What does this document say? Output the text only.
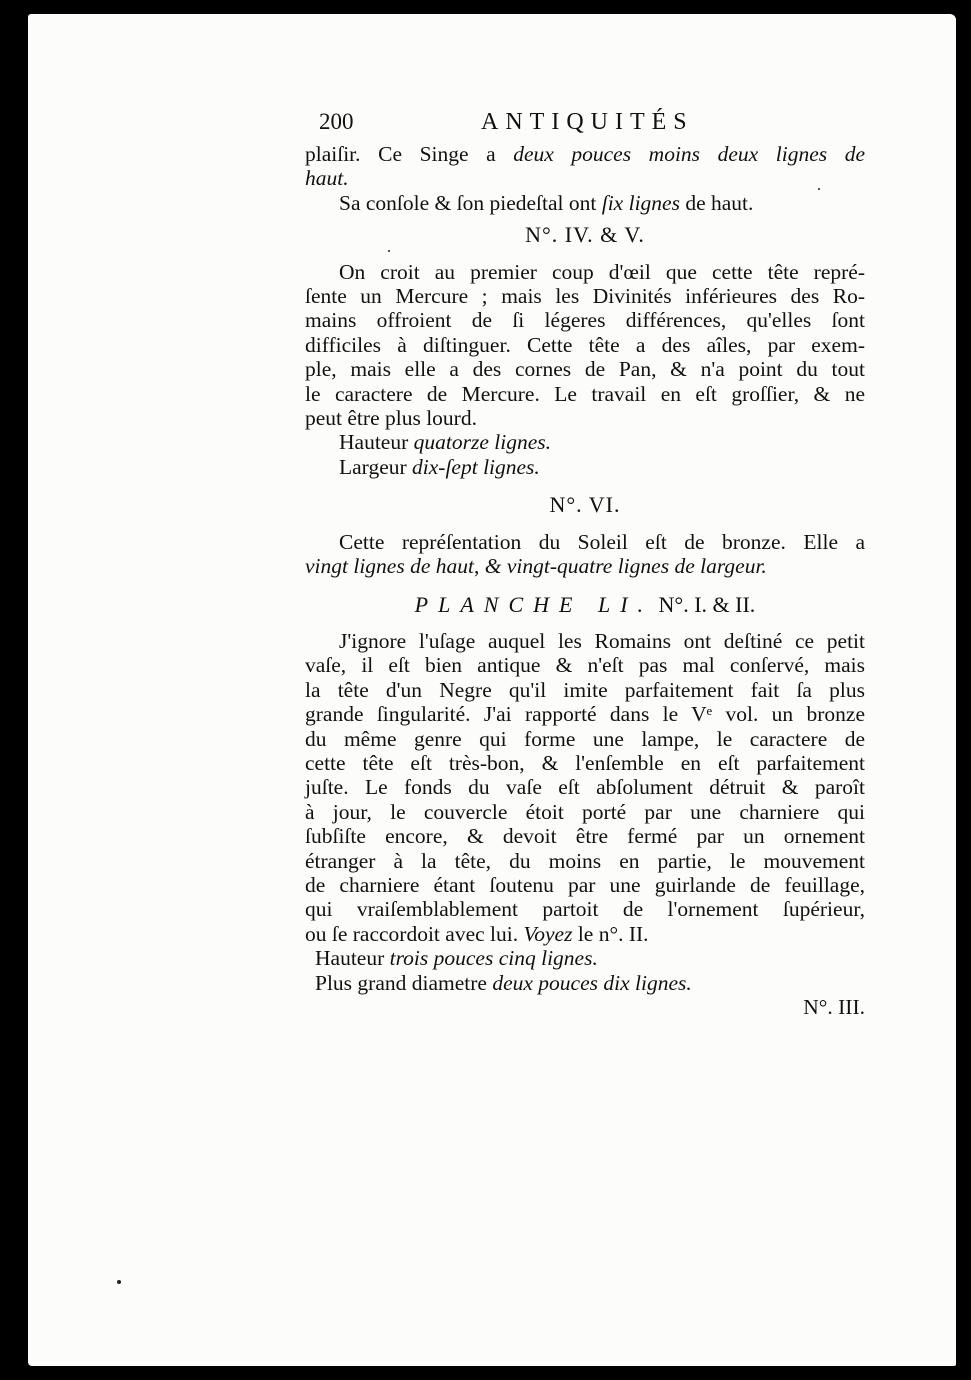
200	ANTIQUITÉS
plaiſir. Ce Singe a deux pouces moins deux lignes de
haut.
Sa conſole & ſon piedeſtal ont ſix lignes de haut.
N°. IV. & V.
On croit au premier coup d'œil que cette tête repré-
ſente un Mercure ; mais les Divinités inférieures des Ro-
mains offroient de ſi légeres différences, qu'elles ſont
difficiles à diſtinguer. Cette tête a des aîles, par exem-
ple, mais elle a des cornes de Pan, & n'a point du tout
le caractere de Mercure. Le travail en eſt groſſier, & ne
peut être plus lourd.
Hauteur quatorze lignes.
Largeur dix-ſept lignes.
N°. VI.
Cette repréſentation du Soleil eſt de bronze. Elle a
vingt lignes de haut, & vingt-quatre lignes de largeur.
PLANCHE LI. N°. I. & II.
J'ignore l'uſage auquel les Romains ont deſtiné ce petit
vaſe, il eſt bien antique & n'eſt pas mal conſervé, mais
la tête d'un Negre qu'il imite parfaitement fait ſa plus
grande ſingularité. J'ai rapporté dans le Vᵉ vol. un bronze
du même genre qui forme une lampe, le caractere de
cette tête eſt très-bon, & l'enſemble en eſt parfaitement
juſte. Le fonds du vaſe eſt abſolument détruit & paroît
à jour, le couvercle étoit porté par une charniere qui
ſubſiſte encore, & devoit être fermé par un ornement
étranger à la tête, du moins en partie, le mouvement
de charniere étant ſoutenu par une guirlande de feuillage,
qui vraiſemblablement partoit de l'ornement ſupérieur,
ou ſe raccordoit avec lui. Voyez le n°. II.
Hauteur trois pouces cinq lignes.
Plus grand diametre deux pouces dix lignes.
N°. III.
